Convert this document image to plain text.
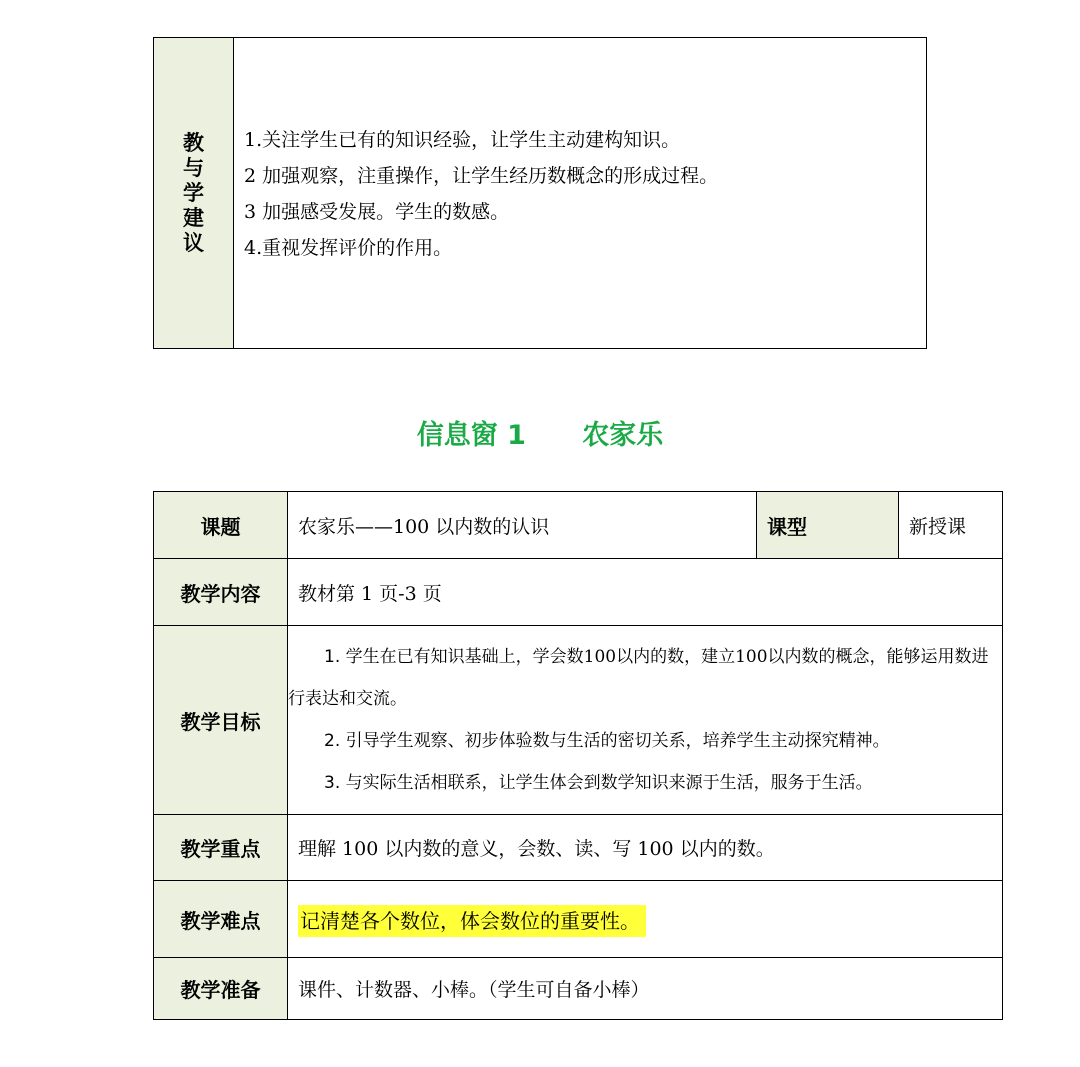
教与学建议
1.关注学生已有的知识经验，让学生主动建构知识。
2 加强观察，注重操作，让学生经历数概念的形成过程。
3 加强感受发展。学生的数感。
4.重视发挥评价的作用。
信息窗 1 农家乐
课题	农家乐——100 以内数的认识	课型	新授课
教学内容	教材第 1 页-3 页		
教学目标	1. 学生在已有知识基础上，学会数100以内的数，建立100以内数的概念，能够运用数进行表达和交流。

2. 引导学生观察、初步体验数与生活的密切关系，培养学生主动探究精神。

3. 与实际生活相联系，让学生体会到数学知识来源于生活，服务于生活。		

教学重点	理解 100 以内数的意义，会数、读、写 100 以内的数。		
教学难点	记清楚各个数位，体会数位的重要性。		
教学准备	课件、计数器、小棒。（学生可自备小棒）		
